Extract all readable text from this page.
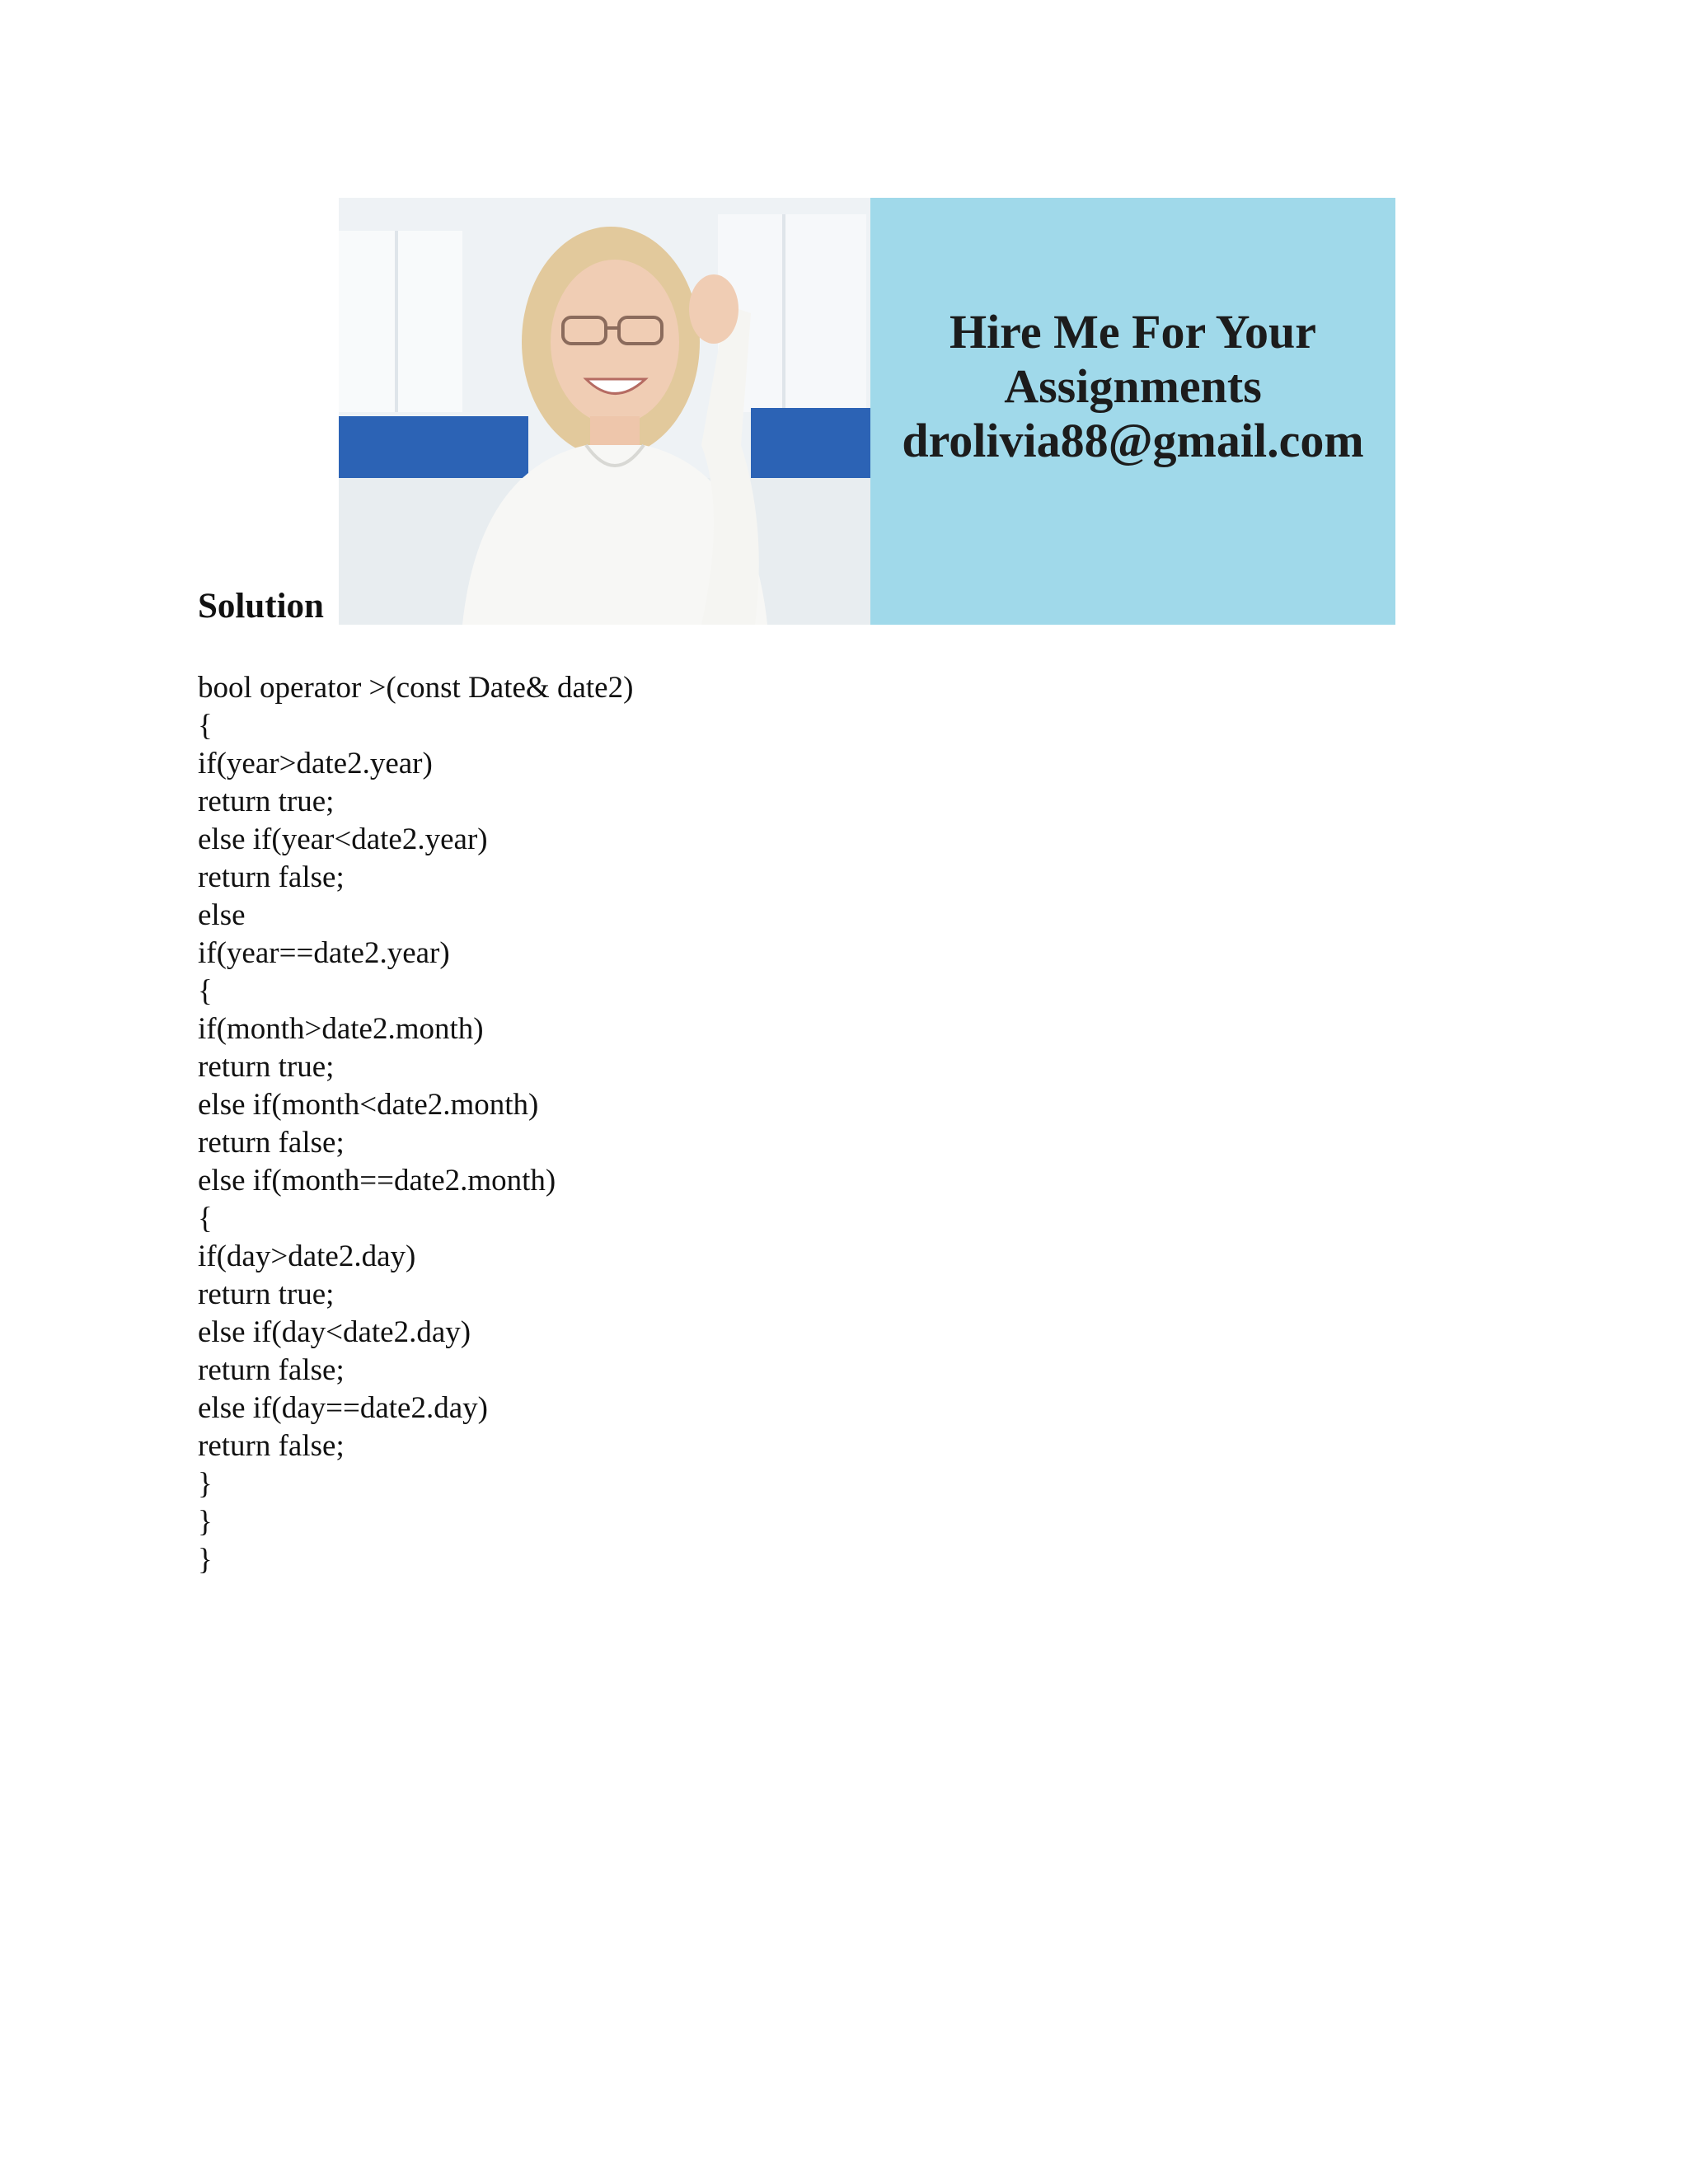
Hire Me For Your
Assignments
drolivia88@gmail.com
Solution
bool operator >(const Date& date2)
{
if(year>date2.year)
return true;
else if(year<date2.year)
return false;
else
if(year==date2.year)
{
if(month>date2.month)
return true;
else if(month<date2.month)
return false;
else if(month==date2.month)
{
if(day>date2.day)
return true;
else if(day<date2.day)
return false;
else if(day==date2.day)
return false;
}
}
}
